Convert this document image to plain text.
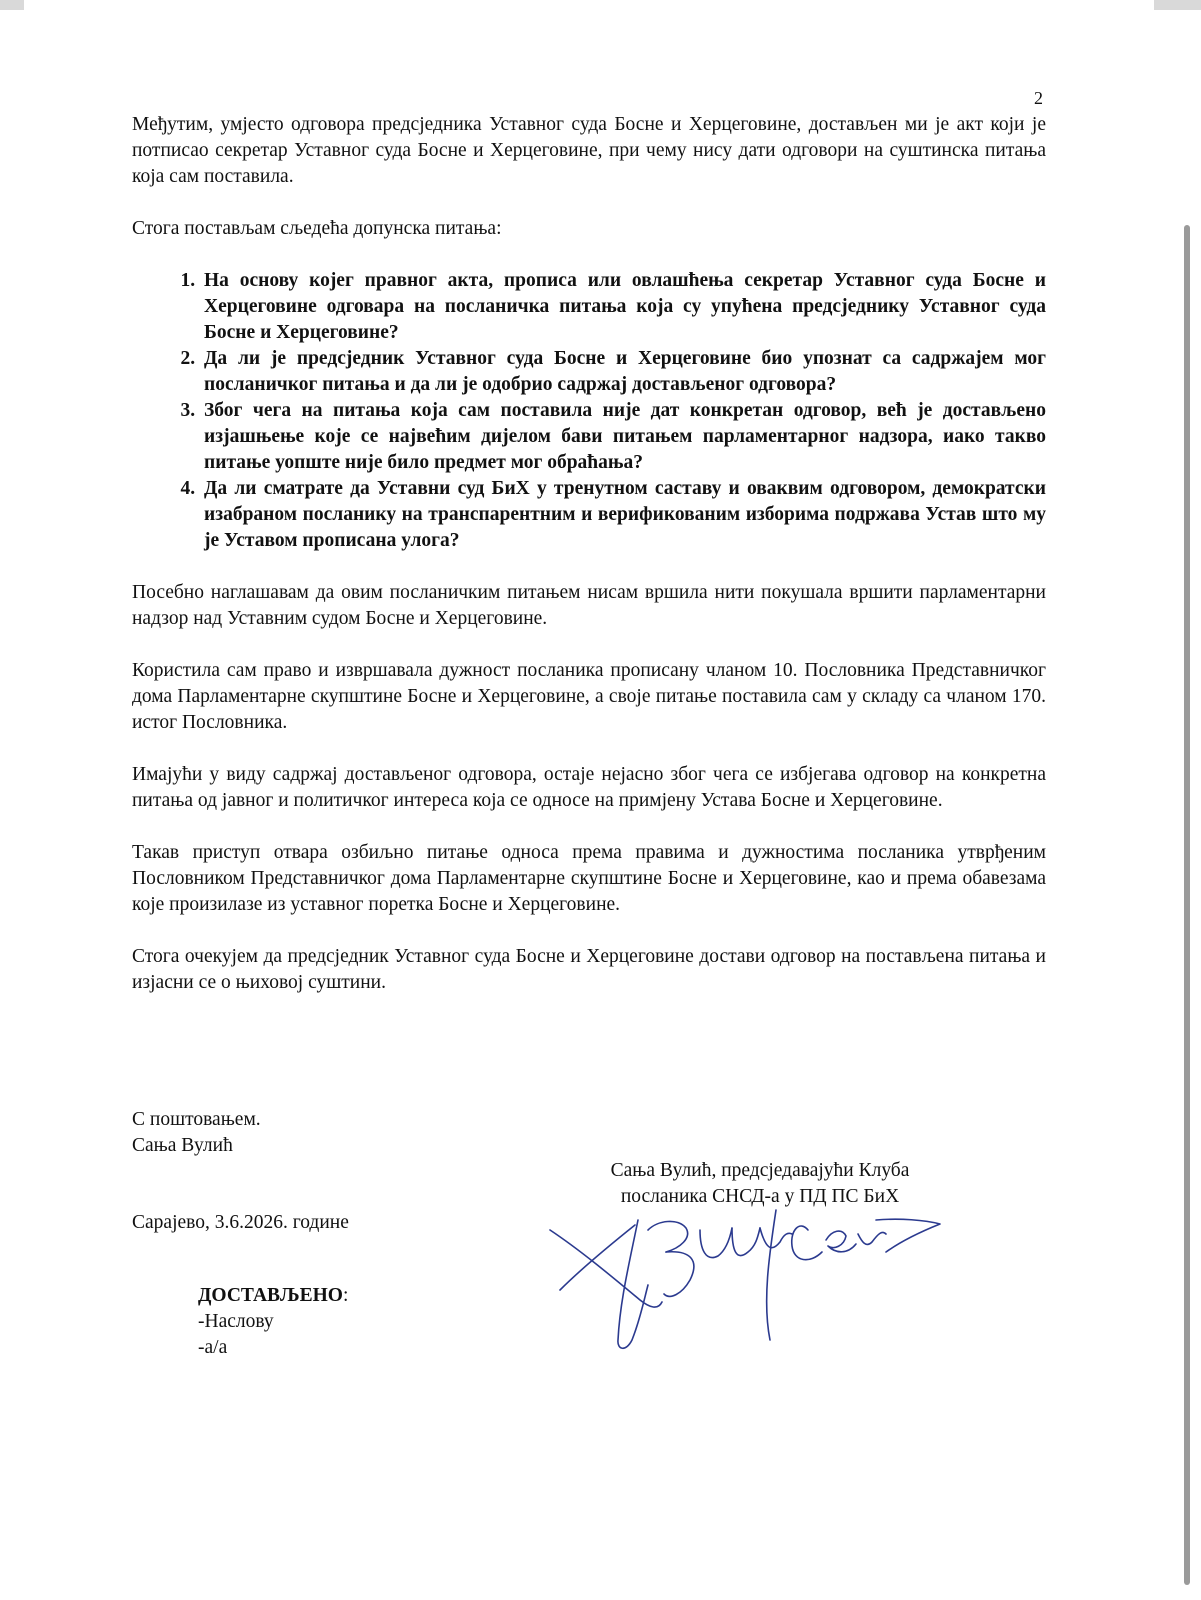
2

Међутим, умјесто одговора предсједника Уставног суда Босне и Херцеговине, достављен ми је акт који је потписао секретар Уставног суда Босне и Херцеговине, при чему нису дати одговори на суштинска питања која сам поставила.

Стога постављам сљедећа допунска питања:

1. На основу којег правног акта, прописа или овлашћења секретар Уставног суда Босне и Херцеговине одговара на посланичка питања која су упућена предсједнику Уставног суда Босне и Херцеговине?
2. Да ли је предсједник Уставног суда Босне и Херцеговине био упознат са садржајем мог посланичког питања и да ли је одобрио садржај достављеног одговора?
3. Због чега на питања која сам поставила није дат конкретан одговор, већ је достављено изјашњење које се највећим дијелом бави питањем парламентарног надзора, иако такво питање уопште није било предмет мог обраћања?
4. Да ли сматрате да Уставни суд БиХ у тренутном саставу и оваквим одговором, демократски изабраном посланику на транспарентним и верификованим изборима подржава Устав што му је Уставом прописана улога?

Посебно наглашавам да овим посланичким питањем нисам вршила нити покушала вршити парламентарни надзор над Уставним судом Босне и Херцеговине.

Користила сам право и извршавала дужност посланика прописану чланом 10. Пословника Представничког дома Парламентарне скупштине Босне и Херцеговине, а своје питање поставила сам у складу са чланом 170. истог Пословника.

Имајући у виду садржај достављеног одговора, остаје нејасно због чега се избјегава одговор на конкретна питања од јавног и политичког интереса која се односе на примјену Устава Босне и Херцеговине.

Такав приступ отвара озбиљно питање односа према правима и дужностима посланика утврђеним Пословником Представничког дома Парламентарне скупштине Босне и Херцеговине, као и према обавезама које произилазе из уставног поретка Босне и Херцеговине.

Стога очекујем да предсједник Уставног суда Босне и Херцеговине достави одговор на постављена питања и изјасни се о њиховој суштини.

С поштовањем.
Сања Вулић
Сања Вулић, предсједавајући Клуба
посланика СНСД-а у ПД ПС БиХ
Сарајево, 3.6.2026. године
ДОСТАВЉЕНО:
-Наслову
-а/а
